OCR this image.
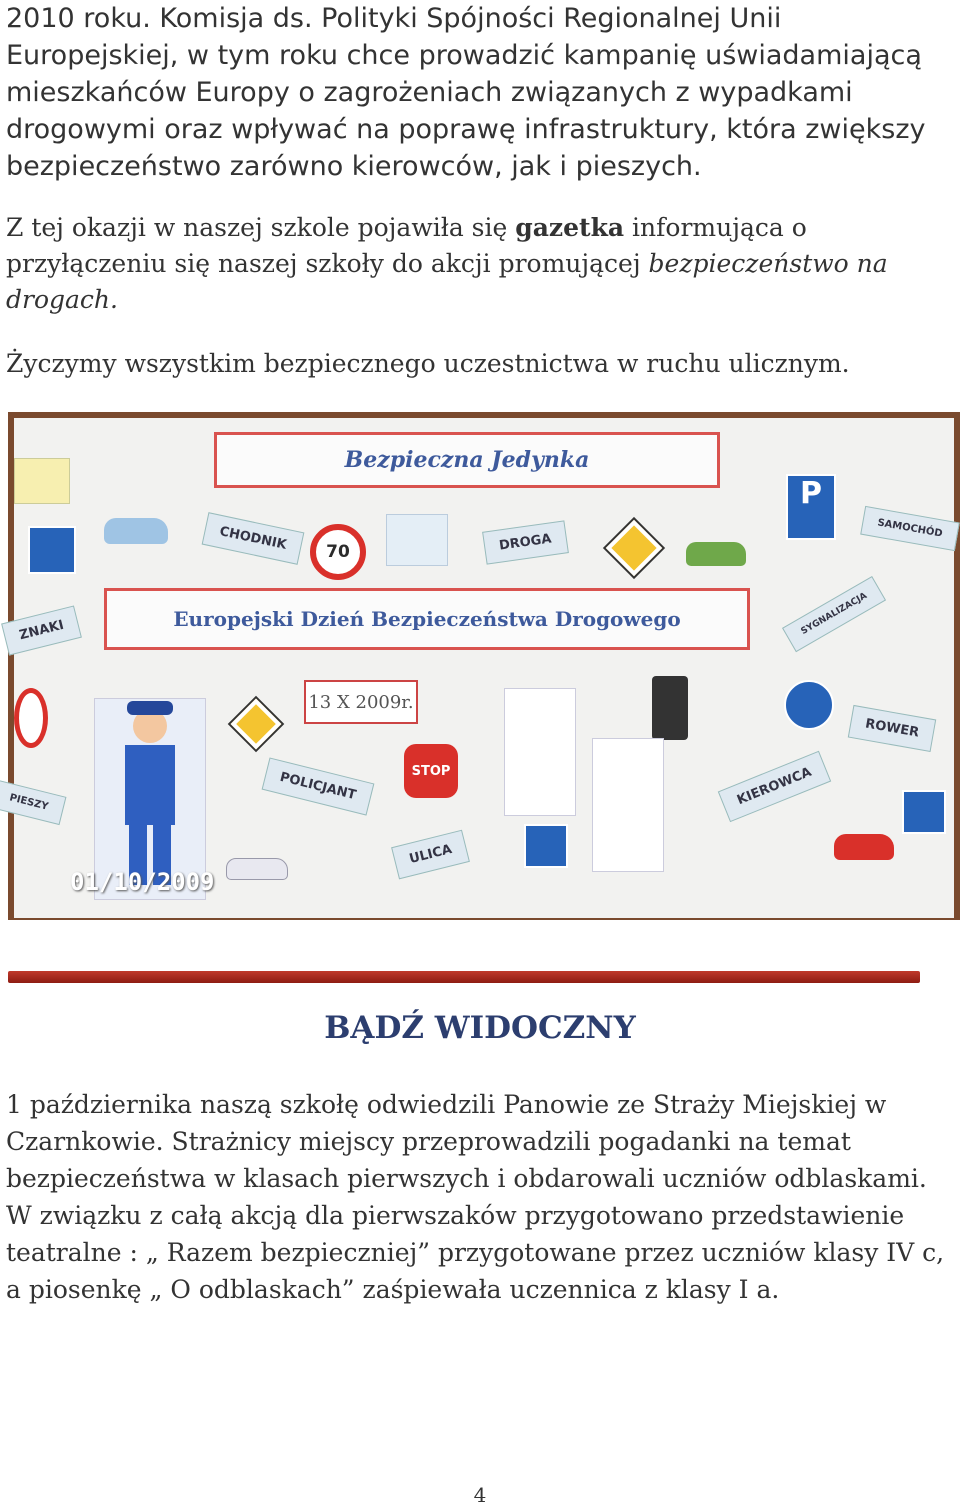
2010 roku. Komisja ds. Polityki Spójności Regionalnej Unii Europejskiej, w tym roku chce prowadzić kampanię uświadamiającą mieszkańców Europy o zagrożeniach związanych z wypadkami drogowymi oraz wpływać na poprawę infrastruktury, która zwiększy bezpieczeństwo zarówno kierowców, jak i pieszych.
Z tej okazji w naszej szkole pojawiła się gazetka informująca o przyłączeniu się naszej szkoły do akcji promującej bezpieczeństwo na drogach.
Życzymy wszystkim bezpiecznego uczestnictwa w ruchu ulicznym.
Bezpieczna Jedynka
Europejski Dzień Bezpieczeństwa Drogowego
13 X 2009r.
CHODNIK	DROGA
SAMOCHÓD
ZNAKI	SYGNALIZACJA
ROWER
POLICJANT	KIEROWCA
ULICA
PIESZY
70
STOP
P
01/10/2009
BĄDŹ WIDOCZNY
1 października naszą szkołę odwiedzili Panowie ze Straży Miejskiej w Czarnkowie. Strażnicy miejscy przeprowadzili pogadanki na temat bezpieczeństwa w klasach pierwszych i obdarowali uczniów odblaskami. W związku z całą akcją dla pierwszaków przygotowano przedstawienie teatralne : „ Razem bezpieczniej” przygotowane przez uczniów klasy IV c, a piosenkę „ O odblaskach” zaśpiewała uczennica z klasy I a.
4
